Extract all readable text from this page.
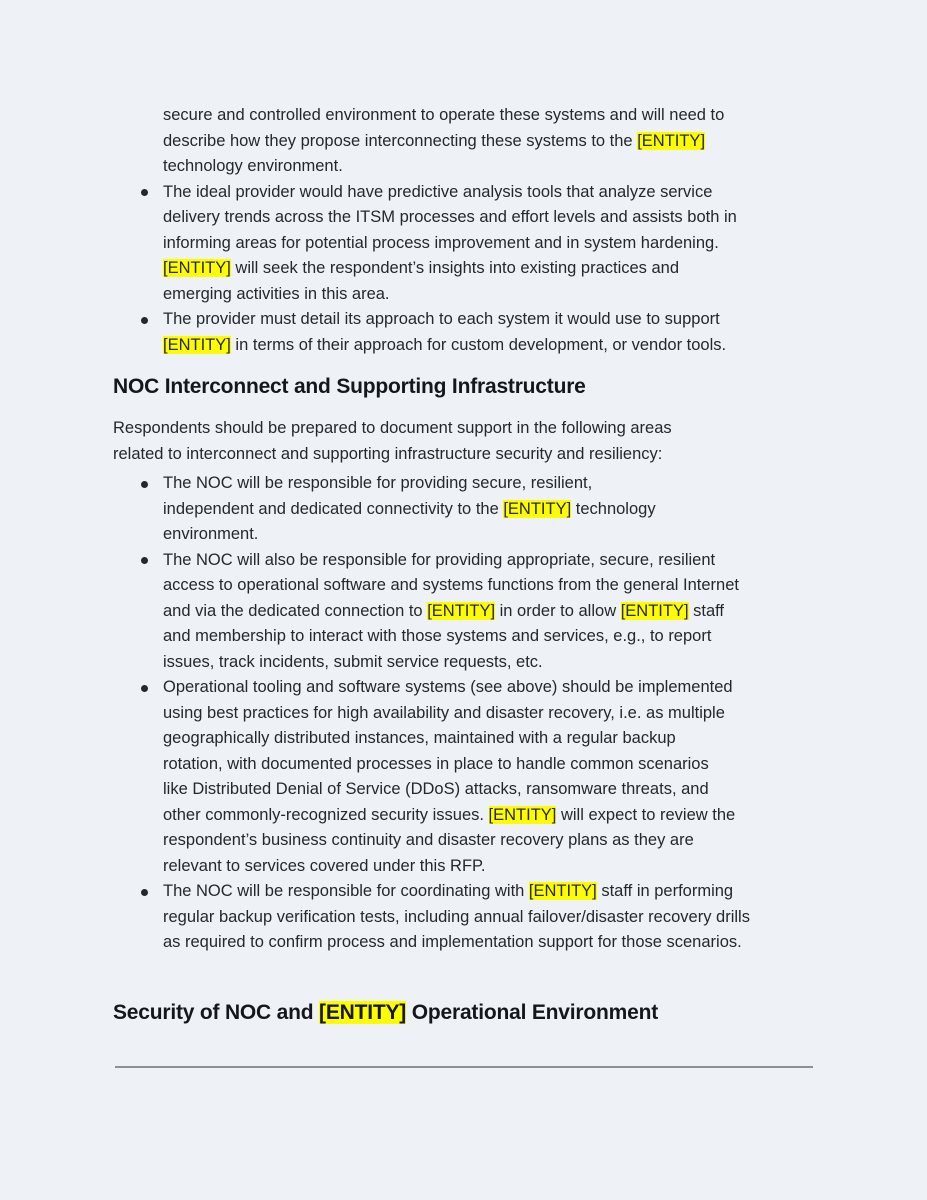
secure and controlled environment to operate these systems and will need to
describe how they propose interconnecting these systems to the [ENTITY]
technology environment.
The ideal provider would have predictive analysis tools that analyze service
delivery trends across the ITSM processes and effort levels and assists both in
informing areas for potential process improvement and in system hardening.
[ENTITY] will seek the respondent’s insights into existing practices and
emerging activities in this area.
The provider must detail its approach to each system it would use to support
[ENTITY] in terms of their approach for custom development, or vendor tools.
NOC Interconnect and Supporting Infrastructure
Respondents should be prepared to document support in the following areas
related to interconnect and supporting infrastructure security and resiliency:
The NOC will be responsible for providing secure, resilient,
independent and dedicated connectivity to the [ENTITY] technology
environment.
The NOC will also be responsible for providing appropriate, secure, resilient
access to operational software and systems functions from the general Internet
and via the dedicated connection to [ENTITY] in order to allow [ENTITY] staff
and membership to interact with those systems and services, e.g., to report
issues, track incidents, submit service requests, etc.
Operational tooling and software systems (see above) should be implemented
using best practices for high availability and disaster recovery, i.e. as multiple
geographically distributed instances, maintained with a regular backup
rotation, with documented processes in place to handle common scenarios
like Distributed Denial of Service (DDoS) attacks, ransomware threats, and
other commonly-recognized security issues. [ENTITY] will expect to review the
respondent’s business continuity and disaster recovery plans as they are
relevant to services covered under this RFP.
The NOC will be responsible for coordinating with [ENTITY] staff in performing
regular backup verification tests, including annual failover/disaster recovery drills
as required to confirm process and implementation support for those scenarios.
Security of NOC and [ENTITY] Operational Environment
